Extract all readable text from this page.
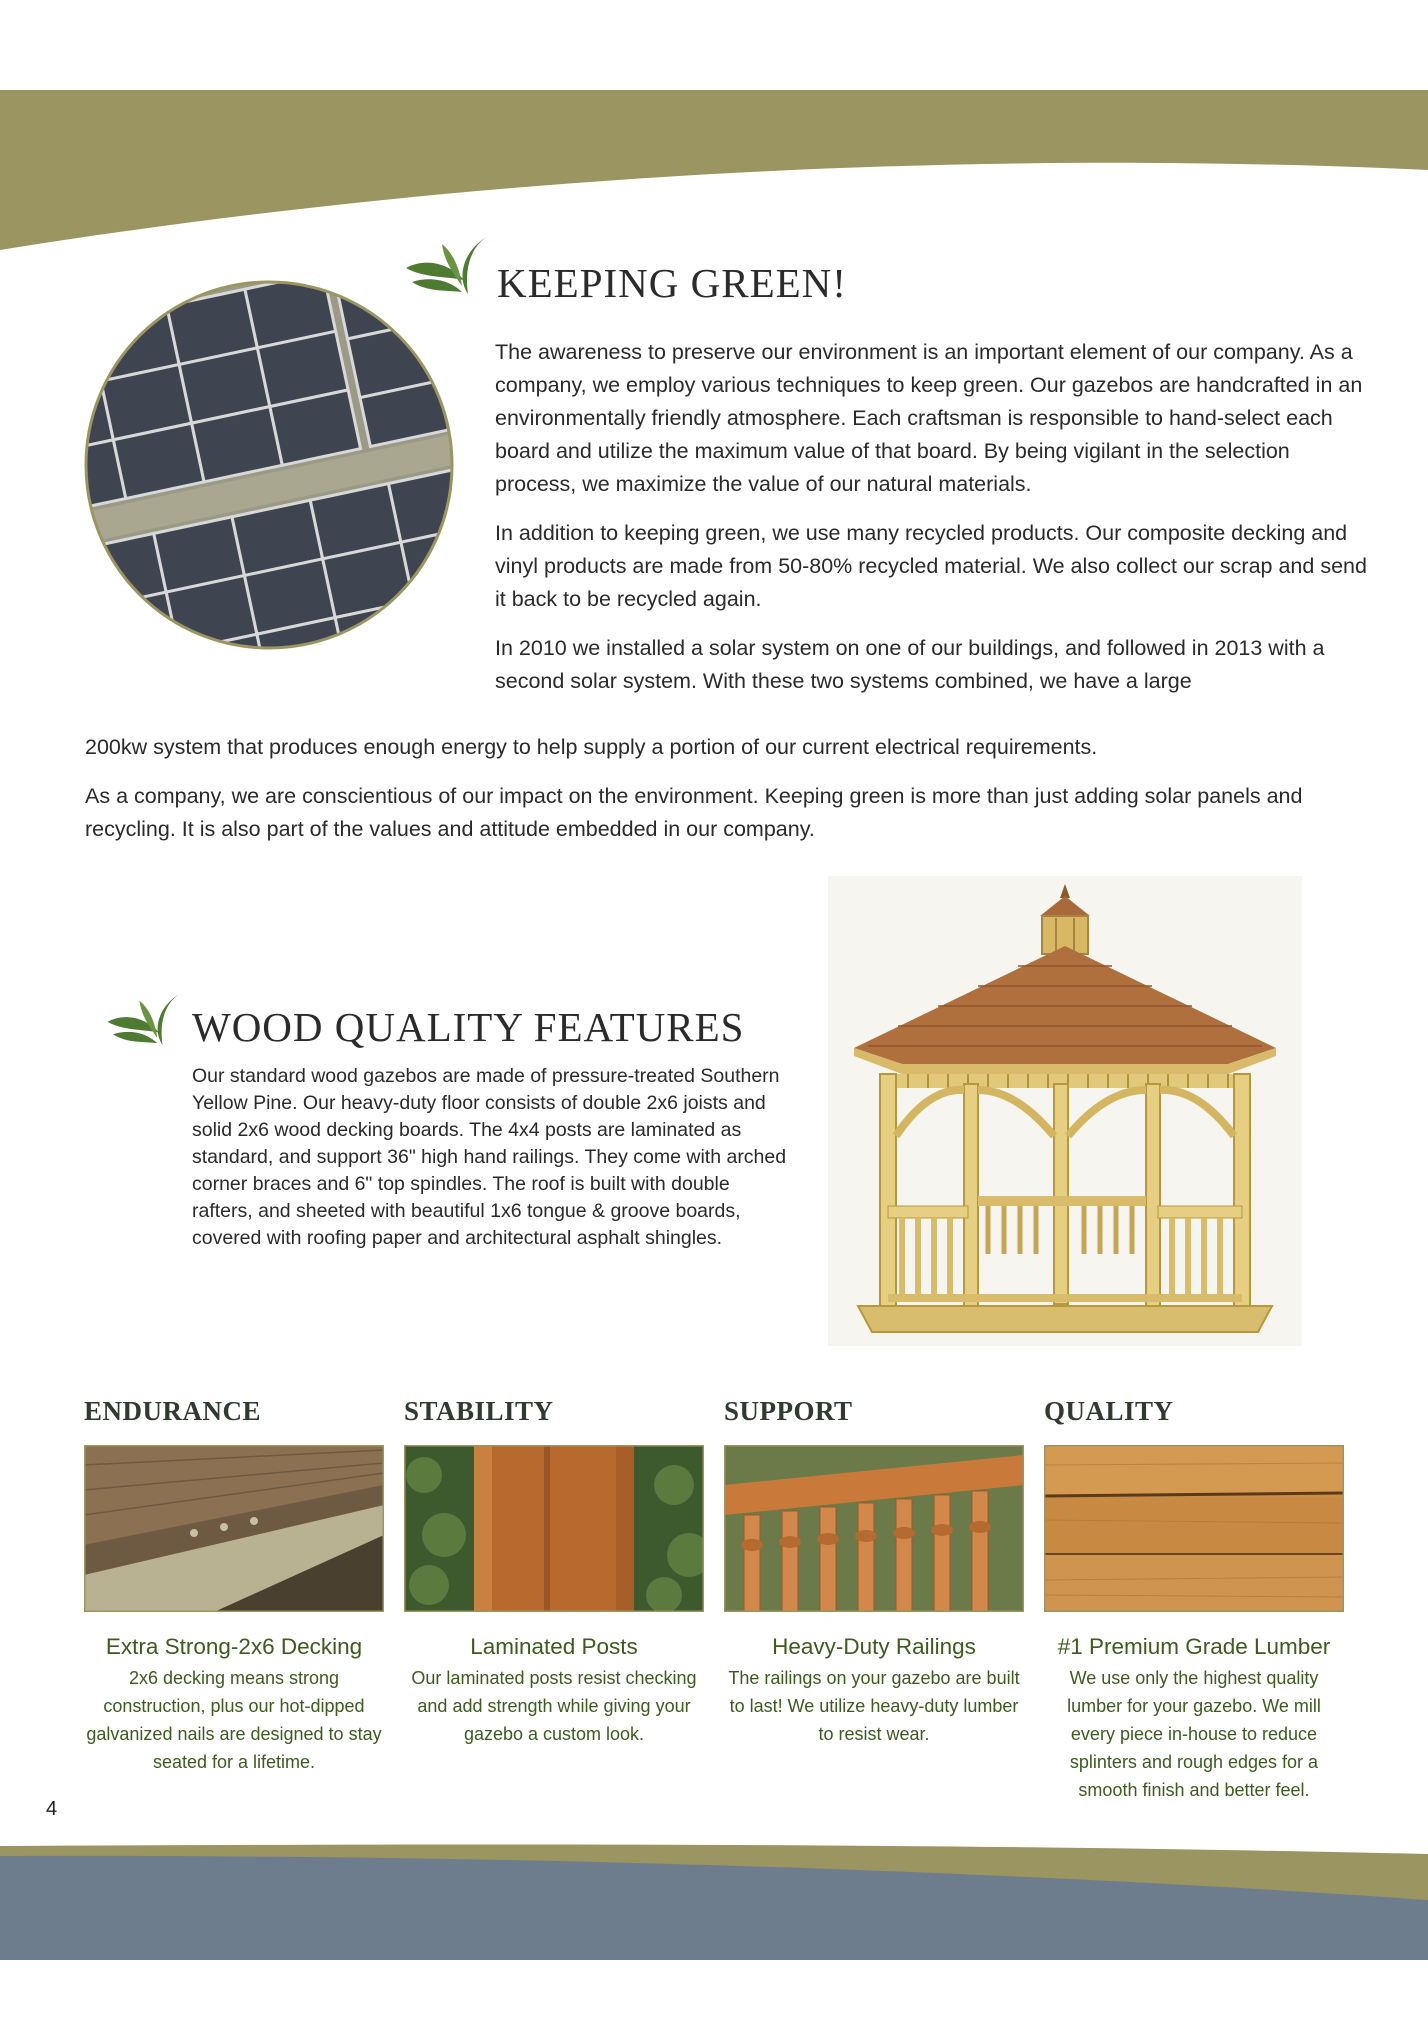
KEEPING GREEN!

The awareness to preserve our environment is an important element of our company. As a company, we employ various techniques to keep green. Our gazebos are handcrafted in an environmentally friendly atmosphere. Each craftsman is responsible to hand-select each board and utilize the maximum value of that board. By being vigilant in the selection process, we maximize the value of our natural materials.

In addition to keeping green, we use many recycled products. Our composite decking and vinyl products are made from 50-80% recycled material. We also collect our scrap and send it back to be recycled again.

In 2010 we installed a solar system on one of our buildings, and followed in 2013 with a second solar system. With these two systems combined, we have a large

200kw system that produces enough energy to help supply a portion of our current electrical requirements.

As a company, we are conscientious of our impact on the environment. Keeping green is more than just adding solar panels and recycling. It is also part of the values and attitude embedded in our company.

WOOD QUALITY FEATURES

Our standard wood gazebos are made of pressure-treated Southern Yellow Pine. Our heavy-duty floor consists of double 2x6 joists and solid 2x6 wood decking boards. The 4x4 posts are laminated as standard, and support 36" high hand railings. They come with arched corner braces and 6" top spindles. The roof is built with double rafters, and sheeted with beautiful 1x6 tongue & groove boards, covered with roofing paper and architectural asphalt shingles.

ENDURANCE
Extra Strong-2x6 Decking

2x6 decking means strong construction, plus our hot-dipped galvanized nails are designed to stay seated for a lifetime.

STABILITY
Laminated Posts

Our laminated posts resist checking and add strength while giving your gazebo a custom look.

SUPPORT
Heavy-Duty Railings

The railings on your gazebo are built to last! We utilize heavy-duty lumber to resist wear.

QUALITY
#1 Premium Grade Lumber

We use only the highest quality lumber for your gazebo. We mill every piece in-house to reduce splinters and rough edges for a smooth finish and better feel.

4
